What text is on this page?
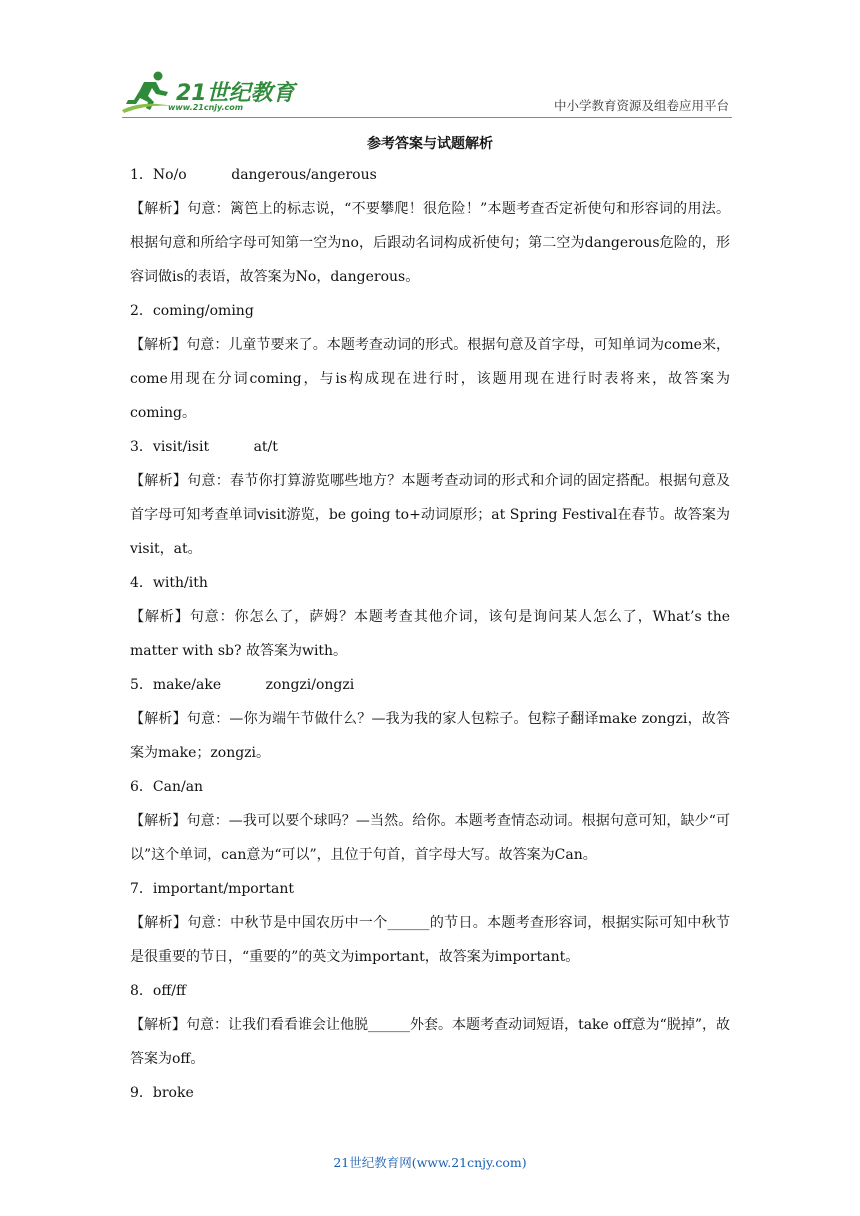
21世纪教育
www.21cnjy.com	中小学教育资源及组卷应用平台
参考答案与试题解析

1．No/o          dangerous/angerous

【解析】句意：篱笆上的标志说，“不要攀爬！很危险！”本题考查否定祈使句和形容词的用法。根据句意和所给字母可知第一空为no，后跟动名词构成祈使句；第二空为dangerous危险的，形容词做is的表语，故答案为No，dangerous。

2．coming/oming

【解析】句意：儿童节要来了。本题考查动词的形式。根据句意及首字母，可知单词为come来，come用现在分词coming，与is构成现在进行时，该题用现在进行时表将来，故答案为coming。

3．visit/isit          at/t

【解析】句意：春节你打算游览哪些地方？本题考查动词的形式和介词的固定搭配。根据句意及首字母可知考查单词visit游览，be going to+动词原形；at Spring Festival在春节。故答案为visit，at。

4．with/ith

【解析】句意：你怎么了，萨姆？本题考查其他介词，该句是询问某人怎么了，What’s the matter with sb? 故答案为with。

5．make/ake          zongzi/ongzi

【解析】句意：—你为端午节做什么？—我为我的家人包粽子。包粽子翻译make zongzi，故答案为make；zongzi。

6．Can/an

【解析】句意：—我可以要个球吗？—当然。给你。本题考查情态动词。根据句意可知，缺少“可以”这个单词，can意为“可以”，且位于句首，首字母大写。故答案为Can。

7．important/mportant

【解析】句意：中秋节是中国农历中一个______的节日。本题考查形容词，根据实际可知中秋节是很重要的节日，“重要的”的英文为important，故答案为important。

8．off/ff

【解析】句意：让我们看看谁会让他脱______外套。本题考查动词短语，take off意为“脱掉”，故答案为off。

9．broke

21世纪教育网(www.21cnjy.com)
